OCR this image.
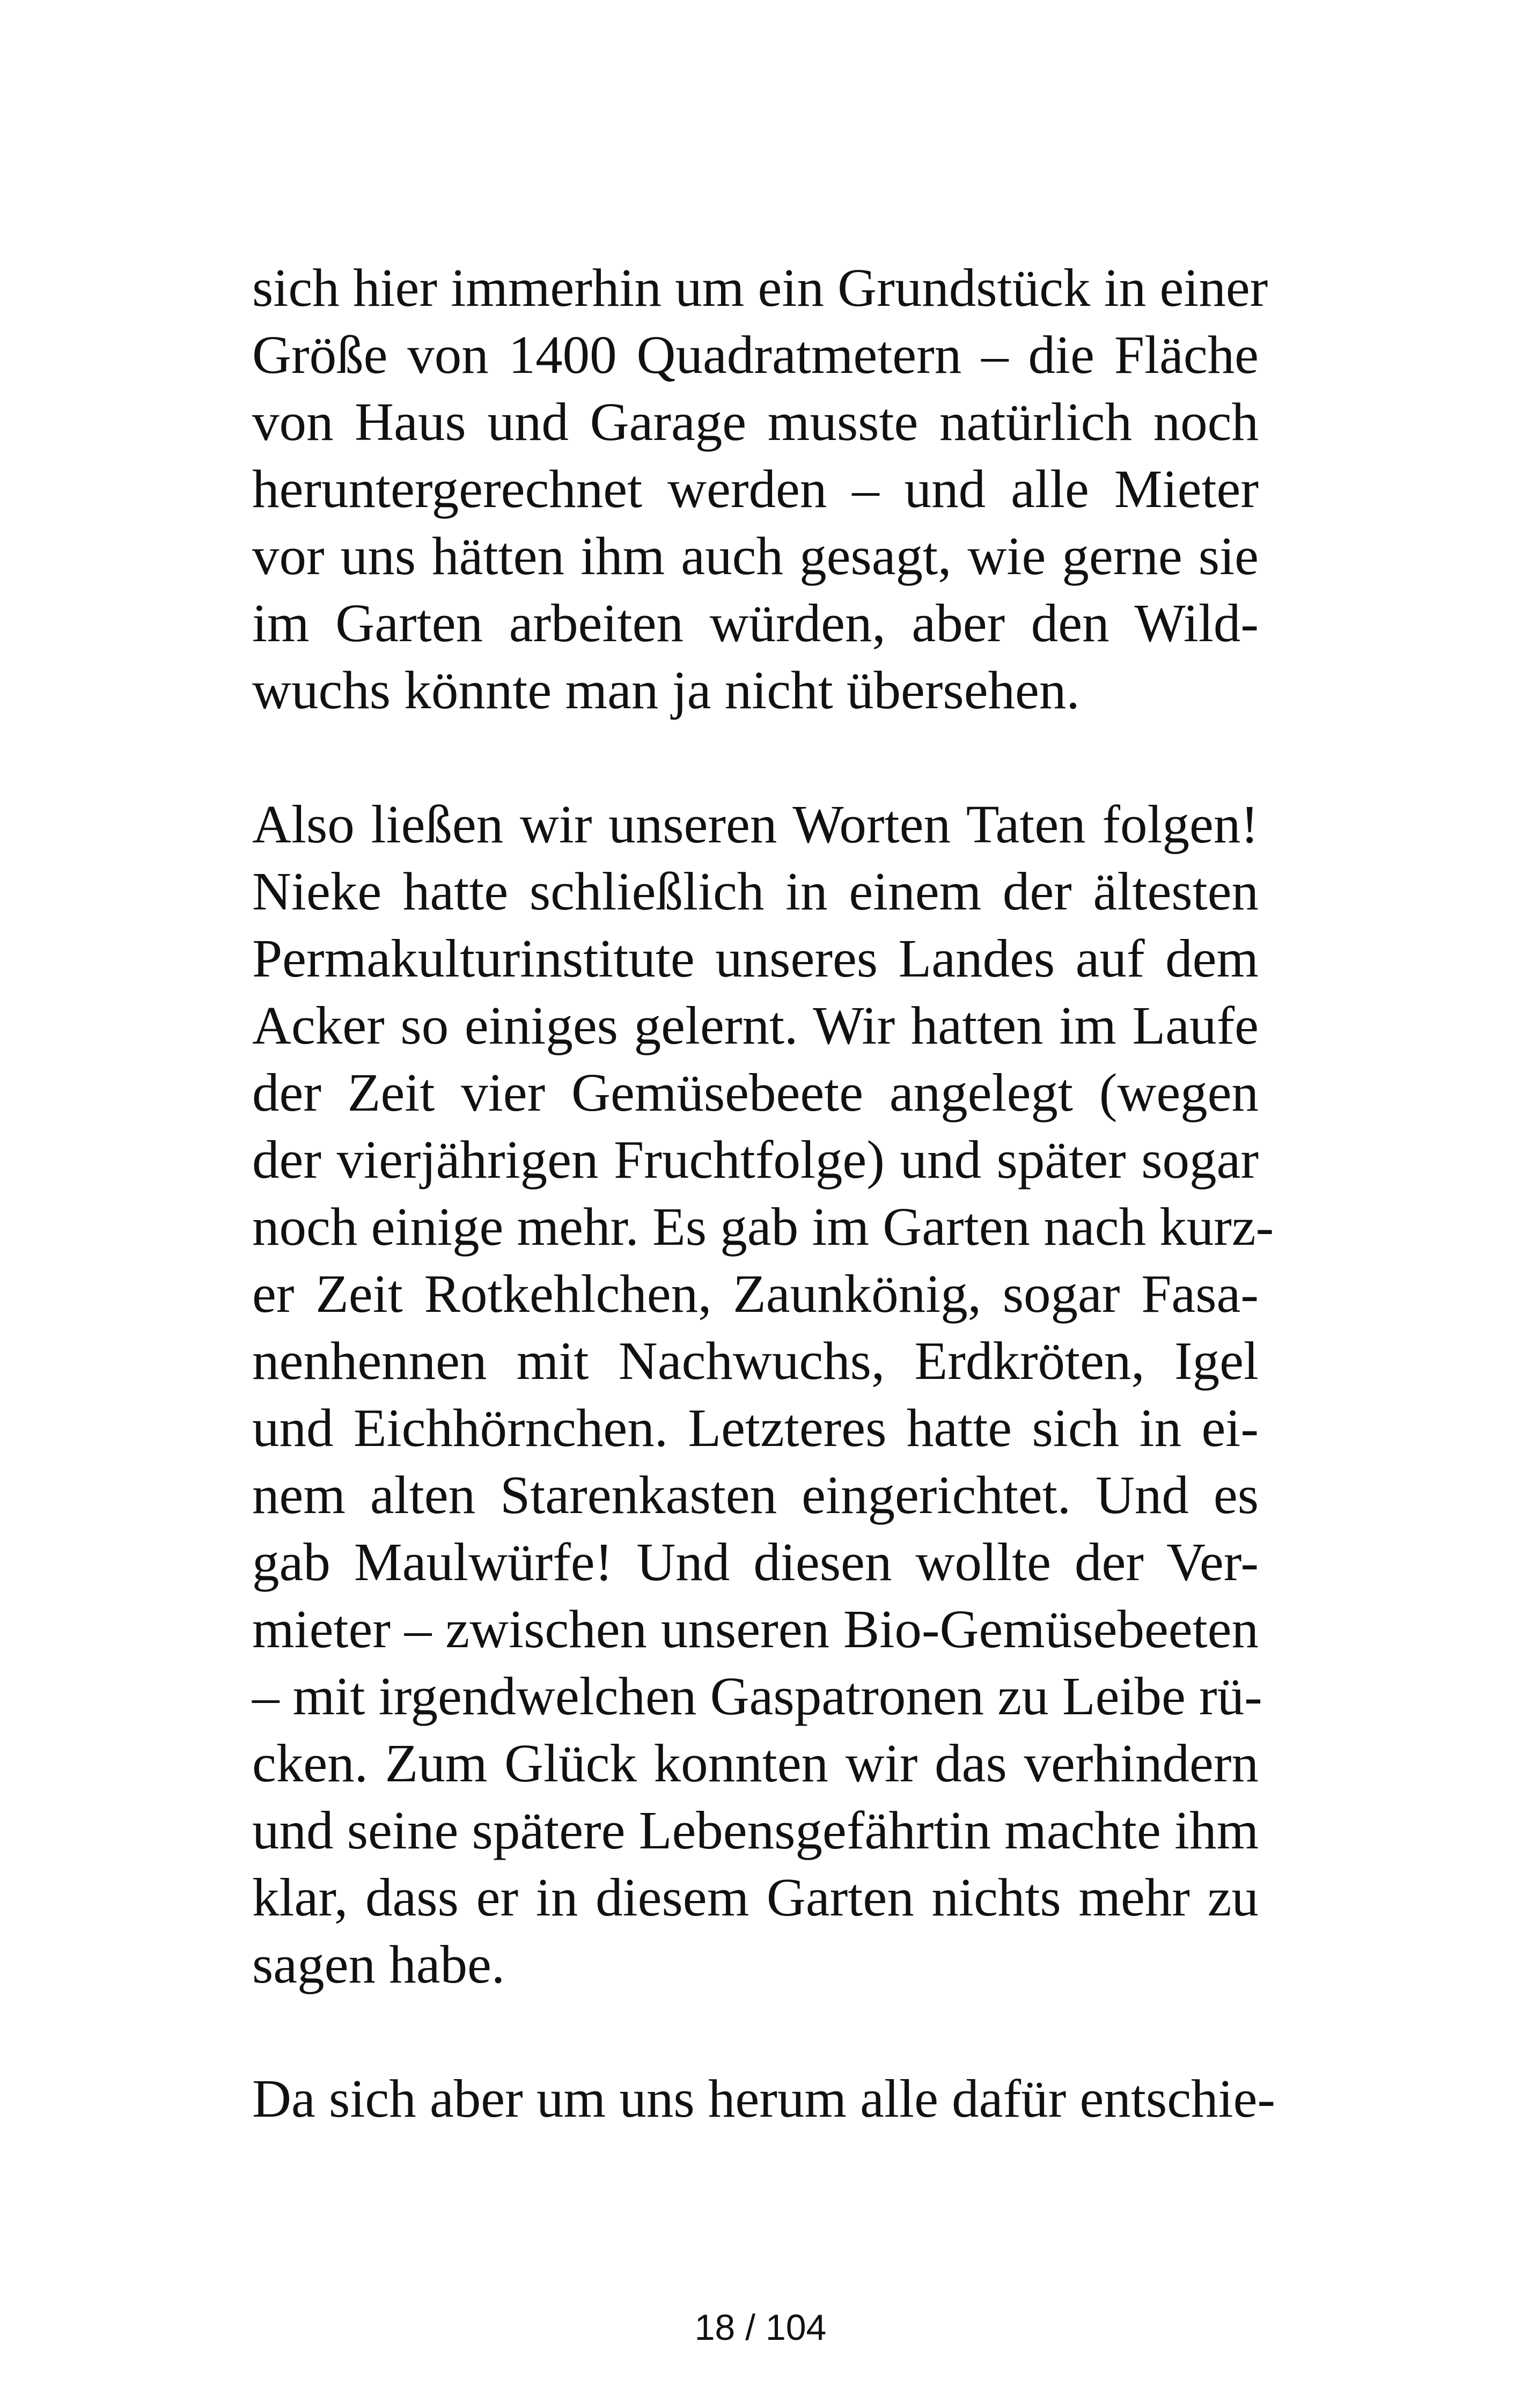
sich hier immerhin um ein Grundstück in einer
Größe von 1400 Quadratmetern – die Fläche
von Haus und Garage musste natürlich noch
heruntergerechnet werden – und alle Mieter
vor uns hätten ihm auch gesagt, wie gerne sie
im Garten arbeiten würden, aber den Wild-
wuchs könnte man ja nicht übersehen.
Also ließen wir unseren Worten Taten folgen!
Nieke hatte schließlich in einem der ältesten
Permakulturinstitute unseres Landes auf dem
Acker so einiges gelernt. Wir hatten im Laufe
der Zeit vier Gemüsebeete angelegt (wegen
der vierjährigen Fruchtfolge) und später sogar
noch einige mehr. Es gab im Garten nach kurz-
er Zeit Rotkehlchen, Zaunkönig, sogar Fasa-
nenhennen mit Nachwuchs, Erdkröten, Igel
und Eichhörnchen. Letzteres hatte sich in ei-
nem alten Starenkasten eingerichtet. Und es
gab Maulwürfe! Und diesen wollte der Ver-
mieter – zwischen unseren Bio-Gemüsebeeten
– mit irgendwelchen Gaspatronen zu Leibe rü-
cken. Zum Glück konnten wir das verhindern
und seine spätere Lebensgefährtin machte ihm
klar, dass er in diesem Garten nichts mehr zu
sagen habe.
Da sich aber um uns herum alle dafür entschie-
18 / 104
